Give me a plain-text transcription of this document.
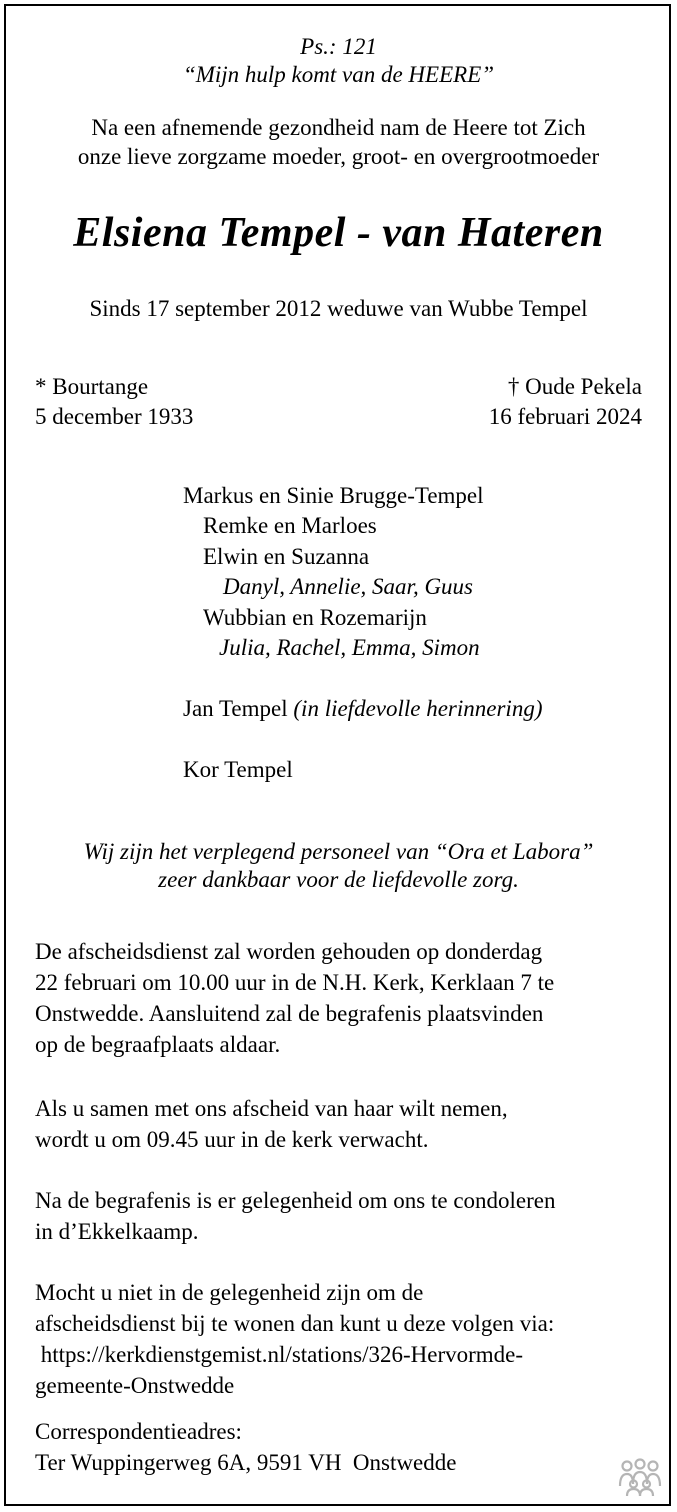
Ps.: 121
“Mijn hulp komt van de HEERE”
Na een afnemende gezondheid nam de Heere tot Zich
onze lieve zorgzame moeder, groot- en overgrootmoeder
Elsiena Tempel - van Hateren
Sinds 17 september 2012 weduwe van Wubbe Tempel
* Bourtange
5 december 1933
† Oude Pekela
16 februari 2024
Markus en Sinie Brugge-Tempel
Remke en Marloes
Elwin en Suzanna
Danyl, Annelie, Saar, Guus
Wubbian en Rozemarijn
Julia, Rachel, Emma, Simon
Jan Tempel (in liefdevolle herinnering)
Kor Tempel
Wij zijn het verplegend personeel van “Ora et Labora”
zeer dankbaar voor de liefdevolle zorg.
De afscheidsdienst zal worden gehouden op donderdag
22 februari om 10.00 uur in de N.H. Kerk, Kerklaan 7 te
Onstwedde. Aansluitend zal de begrafenis plaatsvinden
op de begraafplaats aldaar.
Als u samen met ons afscheid van haar wilt nemen,
wordt u om 09.45 uur in de kerk verwacht.
Na de begrafenis is er gelegenheid om ons te condoleren
in d’Ekkelkaamp.
Mocht u niet in de gelegenheid zijn om de
afscheidsdienst bij te wonen dan kunt u deze volgen via:
https://kerkdienstgemist.nl/stations/326-Hervormde-
gemeente-Onstwedde
Correspondentieadres:
Ter Wuppingerweg 6A, 9591 VH  Onstwedde
